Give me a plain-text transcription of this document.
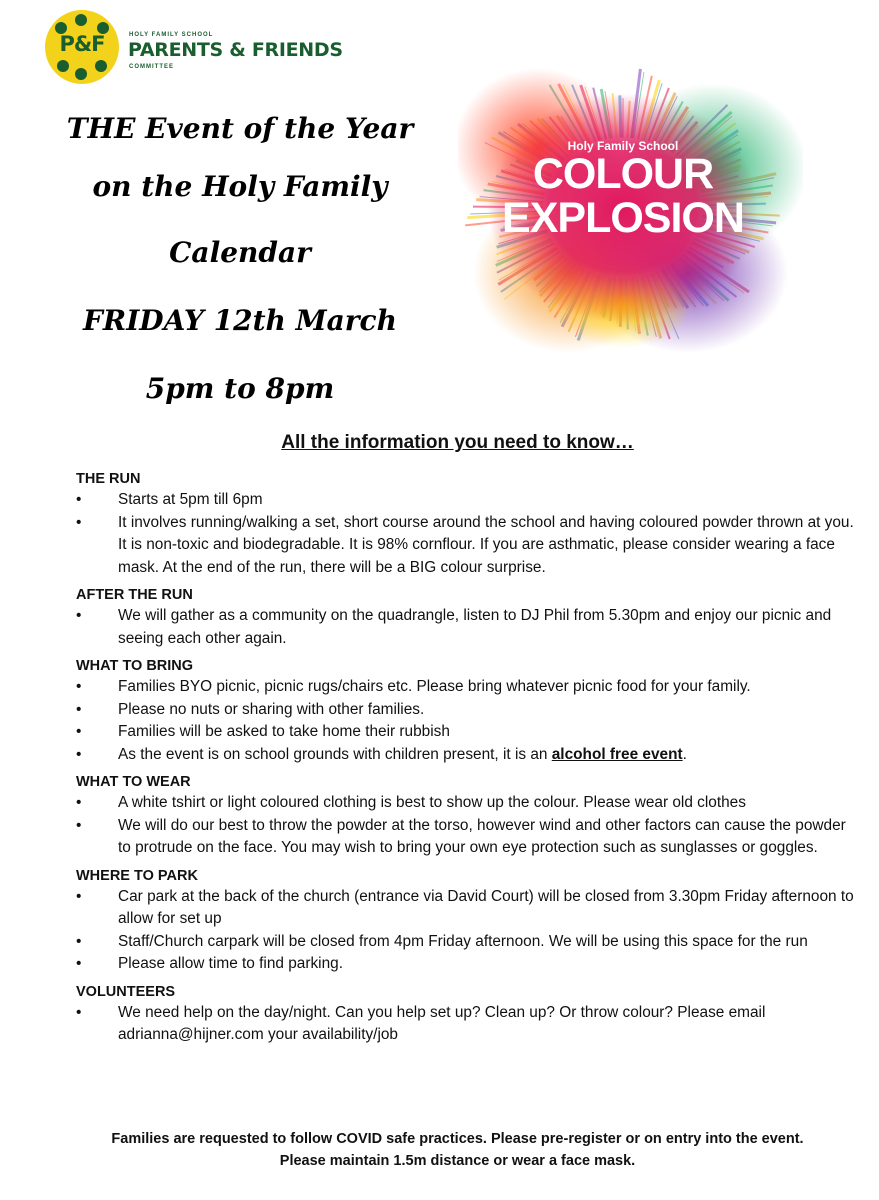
P&F	HOLY FAMILY SCHOOL
PARENTS & FRIENDS
COMMITTEE
THE Event of the Year
on the Holy Family
Calendar
FRIDAY 12th March
5pm to 8pm
Holy Family School
COLOUR
EXPLOSION
All the information you need to know…
THE RUN
• Starts at 5pm till 6pm
• It involves running/walking a set, short course around the school and having coloured powder thrown at you. It is non-toxic and biodegradable. It is 98% cornflour. If you are asthmatic, please consider wearing a face mask. At the end of the run, there will be a BIG colour surprise.
AFTER THE RUN
• We will gather as a community on the quadrangle, listen to DJ Phil from 5.30pm and enjoy our picnic and seeing each other again.
WHAT TO BRING
• Families BYO picnic, picnic rugs/chairs etc. Please bring whatever picnic food for your family.
• Please no nuts or sharing with other families.
• Families will be asked to take home their rubbish
• As the event is on school grounds with children present, it is an alcohol free event.
WHAT TO WEAR
• A white tshirt or light coloured clothing is best to show up the colour. Please wear old clothes
• We will do our best to throw the powder at the torso, however wind and other factors can cause the powder to protrude on the face. You may wish to bring your own eye protection such as sunglasses or goggles.
WHERE TO PARK
• Car park at the back of the church (entrance via David Court) will be closed from 3.30pm Friday afternoon to allow for set up
• Staff/Church carpark will be closed from 4pm Friday afternoon. We will be using this space for the run
• Please allow time to find parking.
VOLUNTEERS
• We need help on the day/night. Can you help set up? Clean up? Or throw colour? Please email adrianna@hijner.com your availability/job
Families are requested to follow COVID safe practices. Please pre-register or on entry into the event.
Please maintain 1.5m distance or wear a face mask.
